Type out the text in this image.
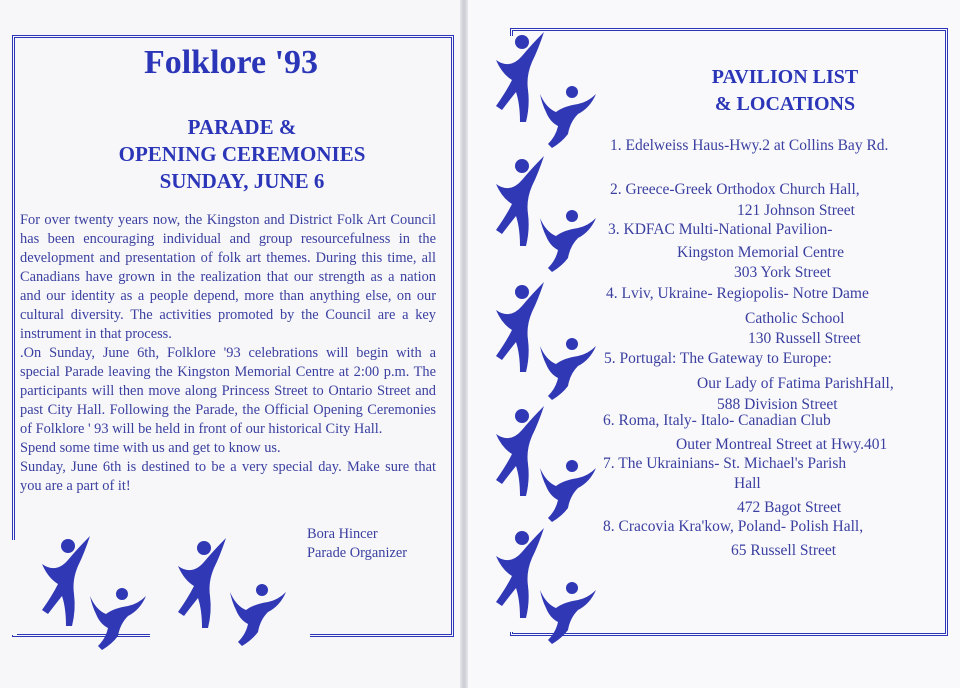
Folklore '93
PARADE &
OPENING CEREMONIES
SUNDAY, JUNE 6

For over twenty years now, the Kingston and District Folk Art Council has been encouraging individual and group resourcefulness in the development and presentation of folk art themes. During this time, all Canadians have grown in the realization that our strength as a nation and our identity as a people depend, more than anything else, on our cultural diversity. The activities promoted by the Council are a key instrument in that process.

.On Sunday, June 6th, Folklore '93 celebrations will begin with a special Parade leaving the Kingston Memorial Centre at 2:00 p.m. The participants will then move along Princess Street to Ontario Street and past City Hall. Following the Parade, the Official Opening Ceremonies of Folklore ' 93 will be held in front of our historical City Hall.

Spend some time with us and get to know us.

Sunday, June 6th is destined to be a very special day. Make sure that you are a part of it!

Bora Hincer
Parade Organizer
PAVILION LIST
& LOCATIONS
1. Edelweiss Haus-Hwy.2 at Collins Bay Rd.
2. Greece-Greek Orthodox Church Hall,
121 Johnson Street
3. KDFAC Multi-National Pavilion-
Kingston Memorial Centre
303 York Street
4. Lviv, Ukraine- Regiopolis- Notre Dame
Catholic School
130 Russell Street
5. Portugal: The Gateway to Europe:
Our Lady of Fatima ParishHall,
588 Division Street
6. Roma, Italy- Italo- Canadian Club
Outer Montreal Street at Hwy.401
7. The Ukrainians- St. Michael's Parish
Hall
472 Bagot Street
8. Cracovia Kra'kow, Poland- Polish Hall,
65 Russell Street
